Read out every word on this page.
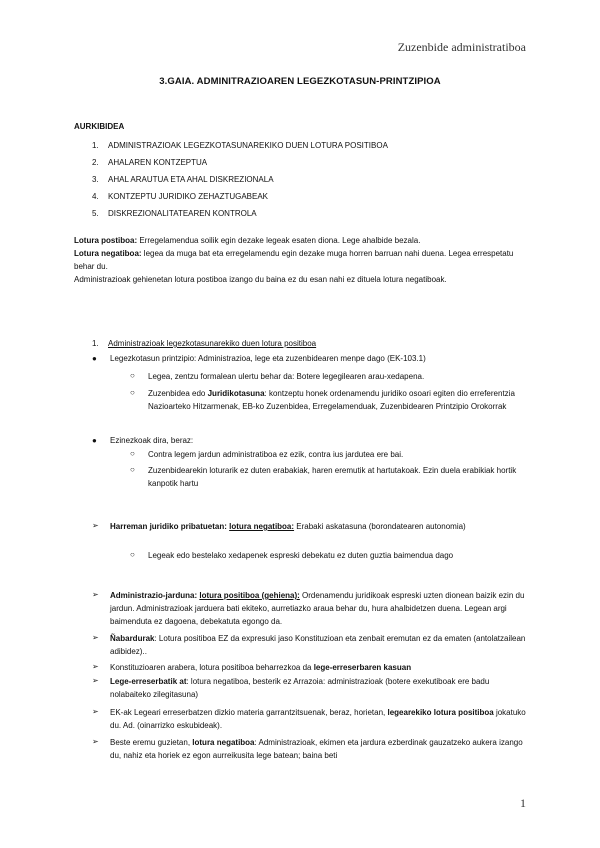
Zuzenbide administratiboa
3.GAIA. ADMINITRAZIOAREN LEGEZKOTASUN-PRINTZIPIOA
AURKIBIDEA
1. ADMINISTRAZIOAK LEGEZKOTASUNAREKIKO DUEN LOTURA POSITIBOA
2. AHALAREN KONTZEPTUA
3. AHAL ARAUTUA ETA AHAL DISKREZIONALA
4. KONTZEPTU JURIDIKO ZEHAZTUGABEAK
5. DISKREZIONALITATEAREN KONTROLA
Lotura postiboa: Erregelamendua soilik egin dezake legeak esaten diona. Lege ahalbide bezala.
Lotura negatiboa: legea da muga bat eta erregelamendu egin dezake muga horren barruan nahi duena. Legea errespetatu behar du.
Administrazioak gehienetan lotura postiboa izango du baina ez du esan nahi ez dituela lotura negatiboak.
1. Administrazioak legezkotasunarekiko duen lotura positiboa
● Legezkotasun printzipio: Administrazioa, lege eta zuzenbidearen menpe dago (EK-103.1)
○ Legea, zentzu formalean ulertu behar da: Botere legegilearen arau-xedapena.
○ Zuzenbidea edo Juridikotasuna: kontzeptu honek ordenamendu juridiko osoari egiten dio erreferentzia Nazioarteko Hitzarmenak, EB-ko Zuzenbidea, Erregelamenduak, Zuzenbidearen Printzipio Orokorrak
● Ezinezkoak dira, beraz:
○ Contra legem jardun administratiboa ez ezik, contra ius jardutea ere bai.
○ Zuzenbidearekin loturarik ez duten erabakiak, haren eremutik at hartutakoak. Ezin duela erabikiak hortik kanpotik hartu
➢ Harreman juridiko pribatuetan: lotura negatiboa: Erabaki askatasuna (borondatearen autonomia)
○ Legeak edo bestelako xedapenek espreski debekatu ez duten guztia baimendua dago
➢ Administrazio-jarduna: lotura positiboa (gehiena): Ordenamendu juridikoak espreski uzten dionean baizik ezin du jardun. Administrazioak jarduera bati ekiteko, aurretiazko araua behar du, hura ahalbidetzen duena. Legean argi baimenduta ez dagoena, debekatuta egongo da.
➢ Ñabardurak: Lotura positiboa EZ da expresuki jaso Konstituzioan eta zenbait eremutan ez da ematen (antolatzailean adibidez)..
➢ Konstituzioaren arabera, lotura positiboa beharrezkoa da lege-erreserbaren kasuan
➢ Lege-erreserbatik at: lotura negatiboa, besterik ez Arrazoia: administrazioak (botere exekutiboak ere badu nolabaiteko zilegitasuna)
➢ EK-ak Legeari erreserbatzen dizkio materia garrantzitsuenak, beraz, horietan, legearekiko lotura positiboa jokatuko du. Ad. (oinarrizko eskubideak).
➢ Beste eremu guzietan, lotura negatiboa: Administrazioak, ekimen eta jardura ezberdinak gauzatzeko aukera izango du, nahiz eta horiek ez egon aurreikusita lege batean; baina beti
1
